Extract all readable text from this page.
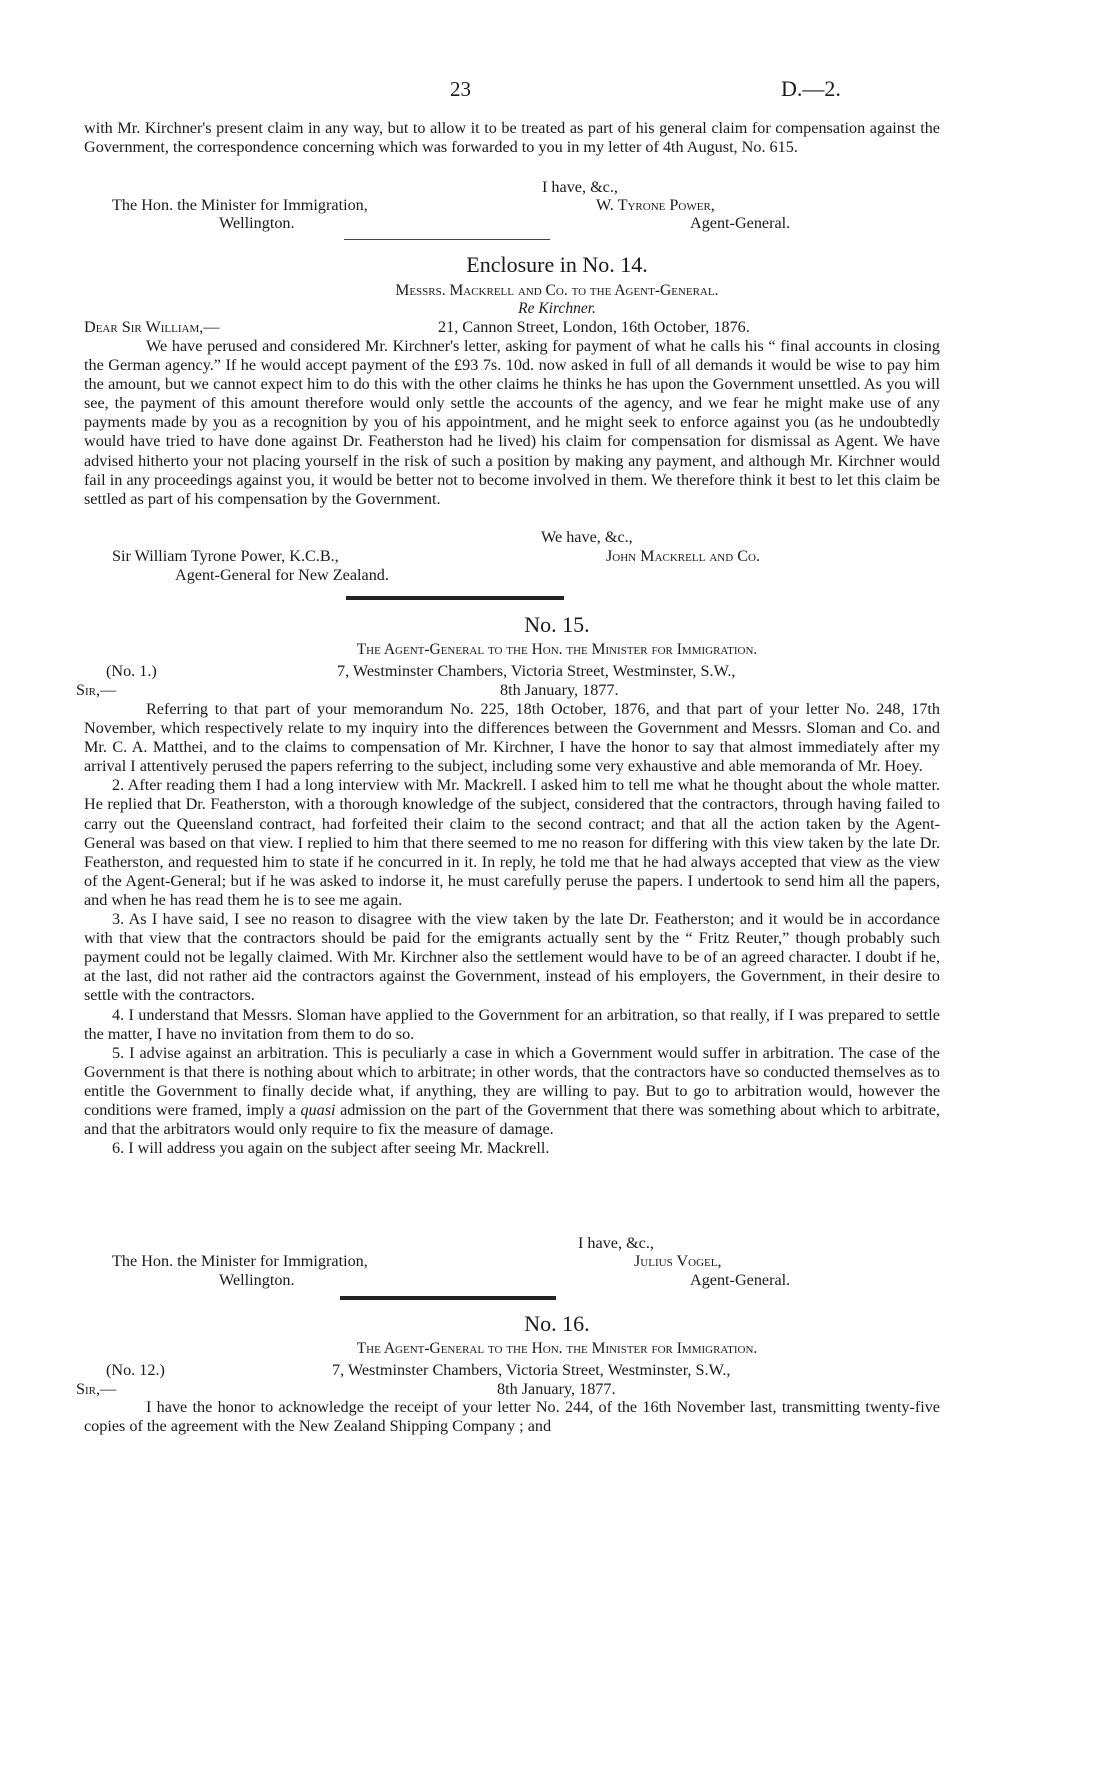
23	D.—2.

with Mr. Kirchner's present claim in any way, but to allow it to be treated as part of his general claim for compensation against the Government, the correspondence concerning which was forwarded to you in my letter of 4th August, No. 615.

I have, &c.,
The Hon. the Minister for Immigration,	W. Tyrone Power,
Wellington.	Agent-General.
Enclosure in No. 14.
Messrs. Mackrell and Co. to the Agent-General.
Re Kirchner.
Dear Sir William,—	21, Cannon Street, London, 16th October, 1876.

We have perused and considered Mr. Kirchner's letter, asking for payment of what he calls his “ final accounts in closing the German agency.” If he would accept payment of the £93 7s. 10d. now asked in full of all demands it would be wise to pay him the amount, but we cannot expect him to do this with the other claims he thinks he has upon the Government unsettled. As you will see, the payment of this amount therefore would only settle the accounts of the agency, and we fear he might make use of any payments made by you as a recognition by you of his appointment, and he might seek to enforce against you (as he undoubtedly would have tried to have done against Dr. Featherston had he lived) his claim for compensation for dismissal as Agent. We have advised hitherto your not placing yourself in the risk of such a position by making any payment, and although Mr. Kirchner would fail in any proceedings against you, it would be better not to become involved in them. We therefore think it best to let this claim be settled as part of his compensation by the Government.

We have, &c.,
Sir William Tyrone Power, K.C.B.,	John Mackrell and Co.
Agent-General for New Zealand.
No. 15.
The Agent-General to the Hon. the Minister for Immigration.
(No. 1.)	7, Westminster Chambers, Victoria Street, Westminster, S.W.,
Sir,—	8th January, 1877.

Referring to that part of your memorandum No. 225, 18th October, 1876, and that part of your letter No. 248, 17th November, which respectively relate to my inquiry into the differences between the Government and Messrs. Sloman and Co. and Mr. C. A. Matthei, and to the claims to compensation of Mr. Kirchner, I have the honor to say that almost immediately after my arrival I attentively perused the papers referring to the subject, including some very exhaustive and able memoranda of Mr. Hoey.

2. After reading them I had a long interview with Mr. Mackrell. I asked him to tell me what he thought about the whole matter. He replied that Dr. Featherston, with a thorough knowledge of the subject, considered that the contractors, through having failed to carry out the Queensland contract, had forfeited their claim to the second contract; and that all the action taken by the Agent-General was based on that view. I replied to him that there seemed to me no reason for differing with this view taken by the late Dr. Featherston, and requested him to state if he concurred in it. In reply, he told me that he had always accepted that view as the view of the Agent-General; but if he was asked to indorse it, he must carefully peruse the papers. I undertook to send him all the papers, and when he has read them he is to see me again.

3. As I have said, I see no reason to disagree with the view taken by the late Dr. Featherston; and it would be in accordance with that view that the contractors should be paid for the emigrants actually sent by the “ Fritz Reuter,” though probably such payment could not be legally claimed. With Mr. Kirchner also the settlement would have to be of an agreed character. I doubt if he, at the last, did not rather aid the contractors against the Government, instead of his employers, the Government, in their desire to settle with the contractors.

4. I understand that Messrs. Sloman have applied to the Government for an arbitration, so that really, if I was prepared to settle the matter, I have no invitation from them to do so.

5. I advise against an arbitration. This is peculiarly a case in which a Government would suffer in arbitration. The case of the Government is that there is nothing about which to arbitrate; in other words, that the contractors have so conducted themselves as to entitle the Government to finally decide what, if anything, they are willing to pay. But to go to arbitration would, however the conditions were framed, imply a quasi admission on the part of the Government that there was something about which to arbitrate, and that the arbitrators would only require to fix the measure of damage.

6. I will address you again on the subject after seeing Mr. Mackrell.

I have, &c.,
The Hon. the Minister for Immigration,	Julius Vogel,
Wellington.	Agent-General.
No. 16.
The Agent-General to the Hon. the Minister for Immigration.
(No. 12.)	7, Westminster Chambers, Victoria Street, Westminster, S.W.,
Sir,—	8th January, 1877.

I have the honor to acknowledge the receipt of your letter No. 244, of the 16th November last, transmitting twenty-five copies of the agreement with the New Zealand Shipping Company ; and
